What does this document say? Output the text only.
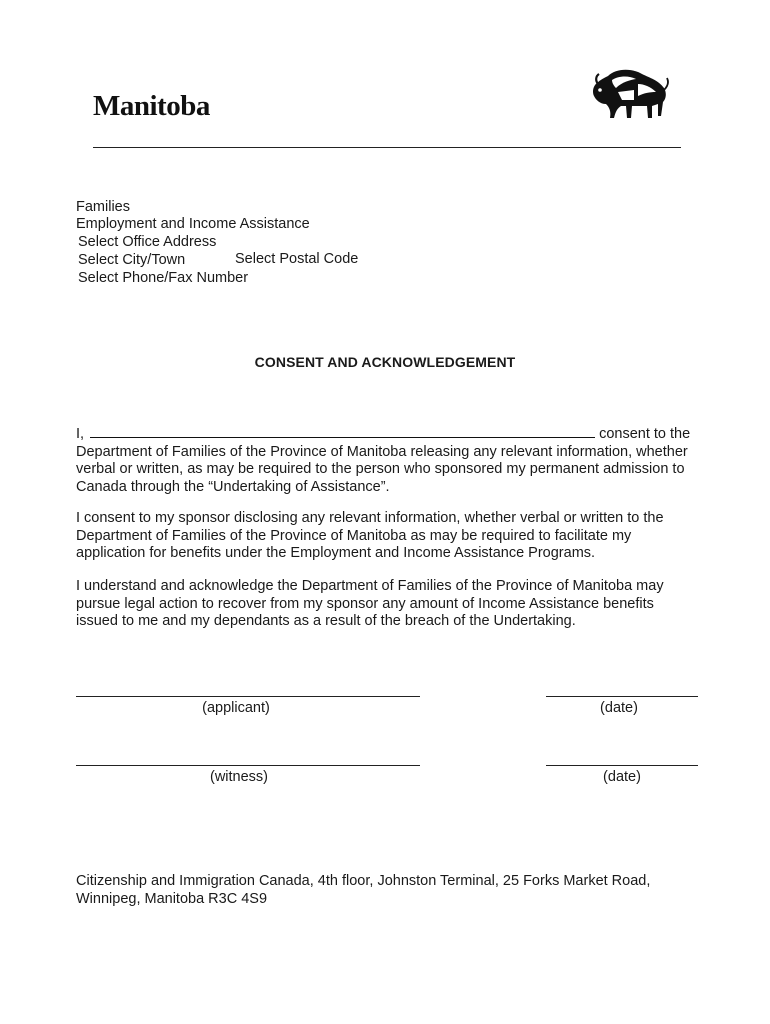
Manitoba
Families
Employment and Income Assistance
Select Office Address
Select City/Town	Select Postal Code
Select Phone/Fax Number
CONSENT AND ACKNOWLEDGEMENT
I,	consent to the
Department of Families of the Province of Manitoba releasing any relevant information, whether
verbal or written, as may be required to the person who sponsored my permanent admission to
Canada through the “Undertaking of Assistance”.
I consent to my sponsor disclosing any relevant information, whether verbal or written to the
Department of Families of the Province of Manitoba as may be required to facilitate my
application for benefits under the Employment and Income Assistance Programs.
I understand and acknowledge the Department of Families of the Province of Manitoba may
pursue legal action to recover from my sponsor any amount of Income Assistance benefits
issued to me and my dependants as a result of the breach of the Undertaking.
(applicant)	(date)
(witness)	(date)
Citizenship and Immigration Canada, 4th floor, Johnston Terminal, 25 Forks Market Road,
Winnipeg, Manitoba R3C 4S9
